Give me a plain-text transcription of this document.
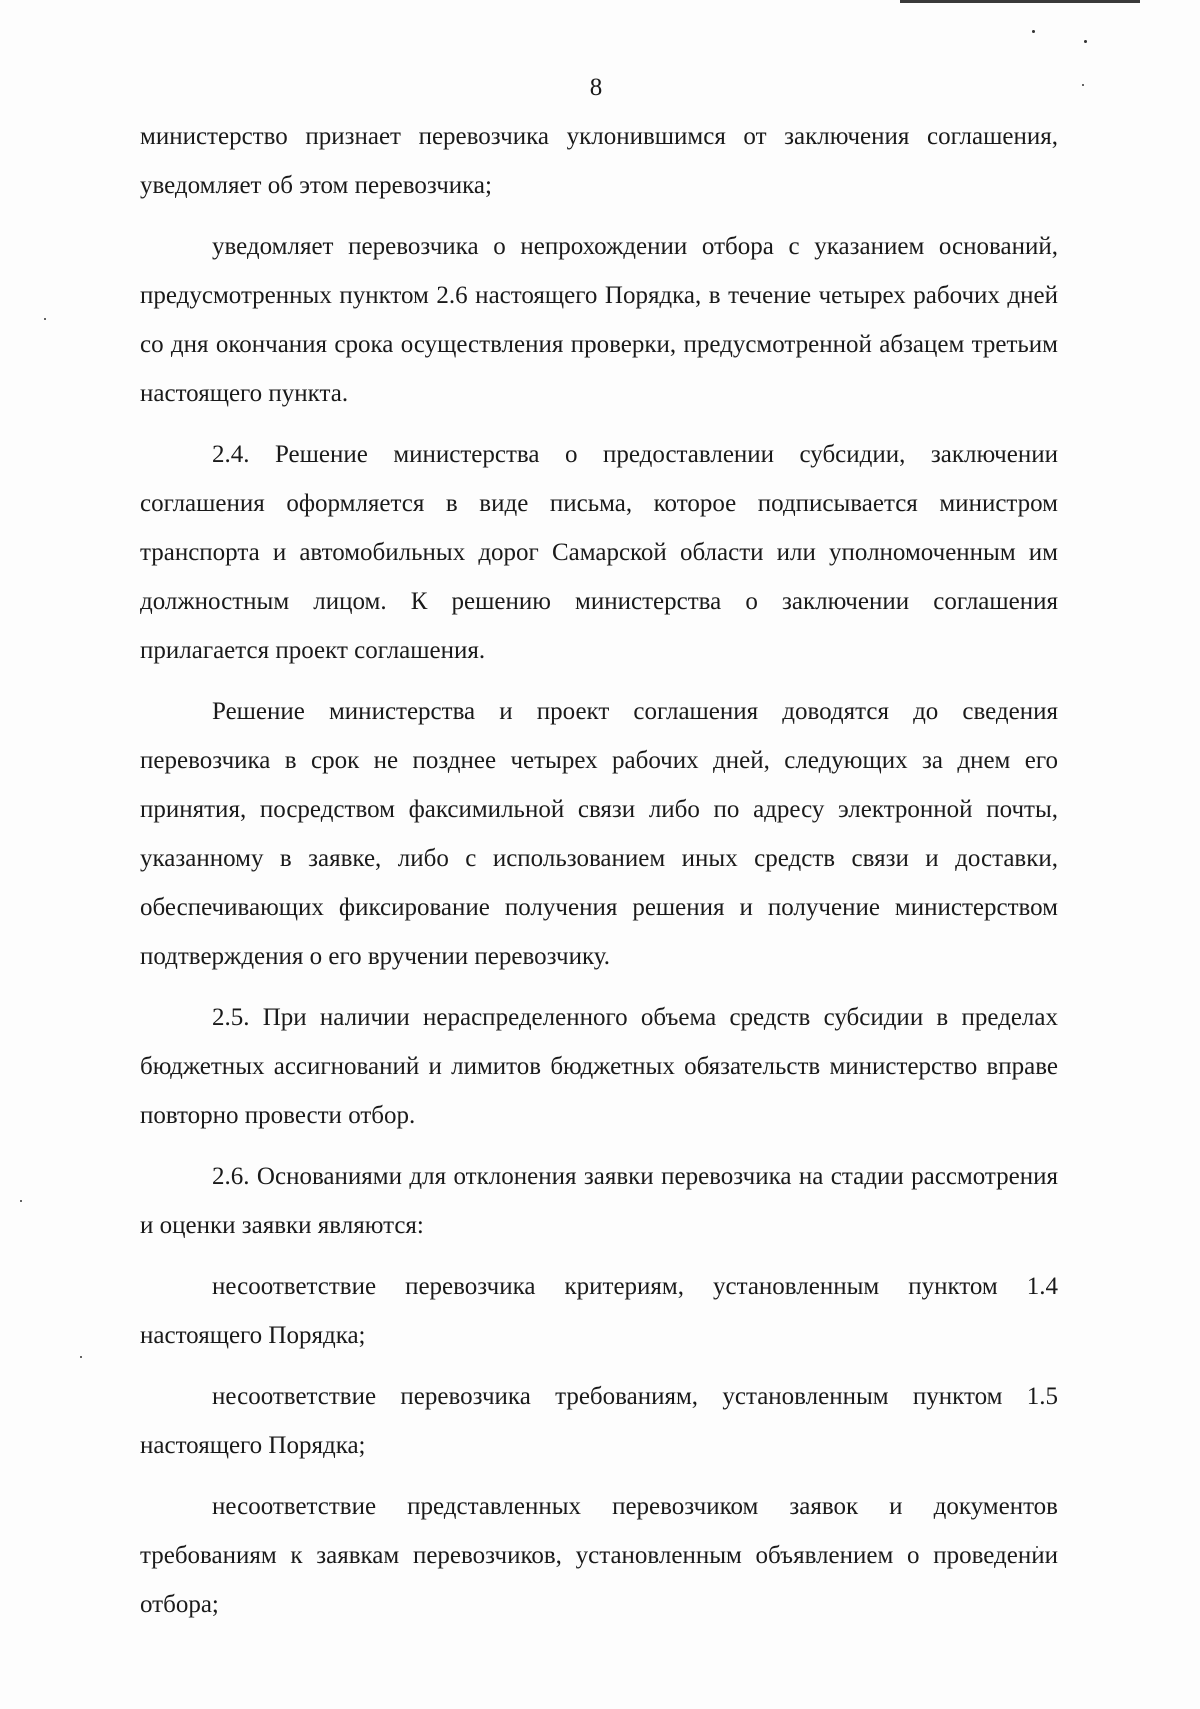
8

министерство признает перевозчика уклонившимся от заключения соглашения, уведомляет об этом перевозчика;

уведомляет перевозчика о непрохождении отбора с указанием оснований, предусмотренных пунктом 2.6 настоящего Порядка, в течение четырех рабочих дней со дня окончания срока осуществления проверки, предусмотренной абзацем третьим настоящего пункта.

2.4. Решение министерства о предоставлении субсидии, заключении соглашения оформляется в виде письма, которое подписывается министром транспорта и автомобильных дорог Самарской области или уполномоченным им должностным лицом. К решению министерства о заключении соглашения прилагается проект соглашения.

Решение министерства и проект соглашения доводятся до сведения перевозчика в срок не позднее четырех рабочих дней, следующих за днем его принятия, посредством факсимильной связи либо по адресу электронной почты, указанному в заявке, либо с использованием иных средств связи и доставки, обеспечивающих фиксирование получения решения и получение министерством подтверждения о его вручении перевозчику.

2.5. При наличии нераспределенного объема средств субсидии в пределах бюджетных ассигнований и лимитов бюджетных обязательств министерство вправе повторно провести отбор.

2.6. Основаниями для отклонения заявки перевозчика на стадии рассмотрения и оценки заявки являются:

несоответствие перевозчика критериям, установленным пунктом 1.4 настоящего Порядка;

несоответствие перевозчика требованиям, установленным пунктом 1.5 настоящего Порядка;

несоответствие представленных перевозчиком заявок и документов требованиям к заявкам перевозчиков, установленным объявлением о проведении отбора;
